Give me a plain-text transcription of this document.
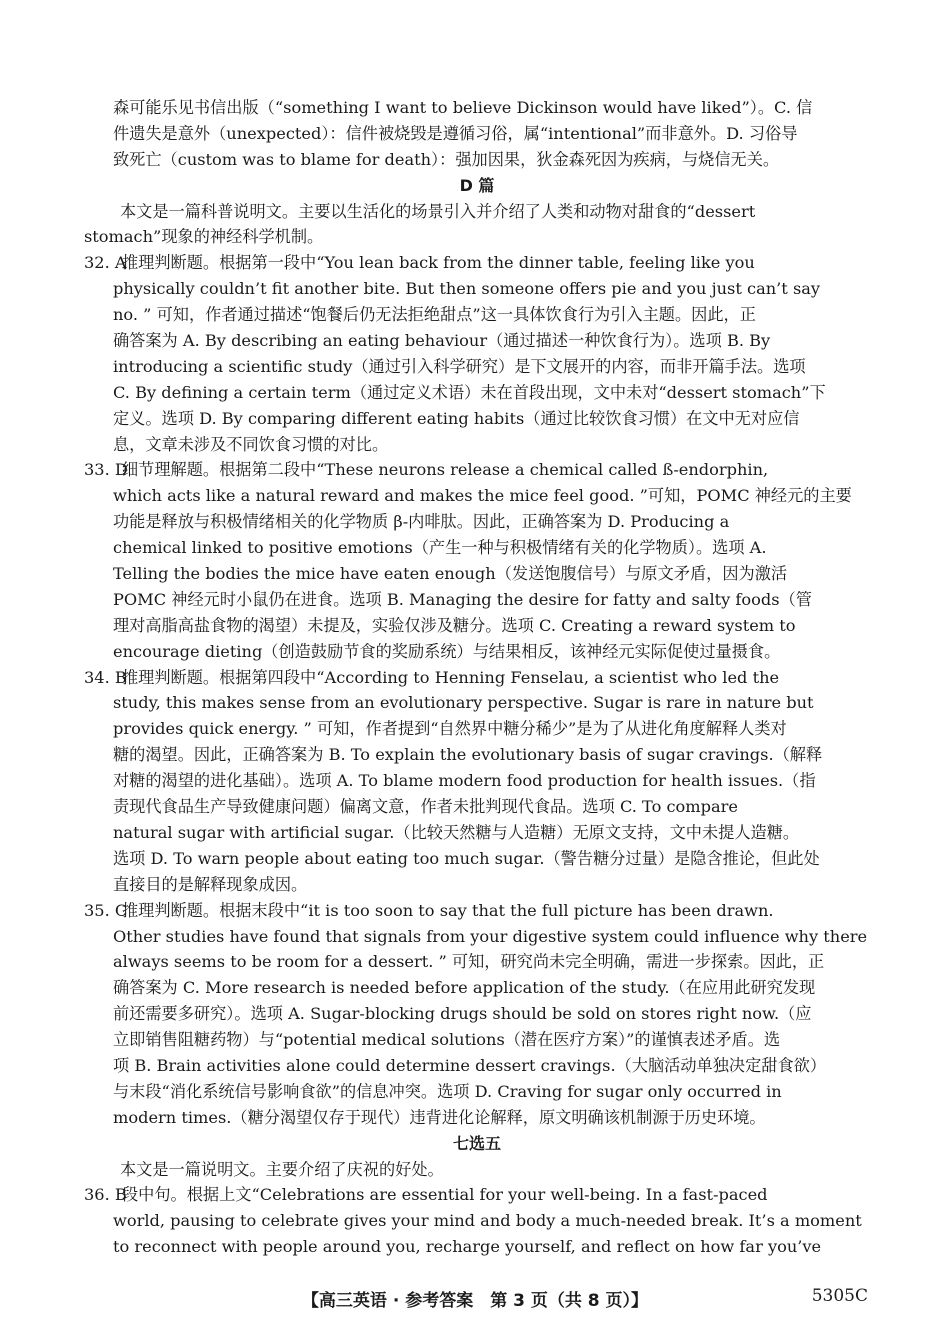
森可能乐见书信出版（“something I want to believe Dickinson would have liked”）。C. 信
件遗失是意外（unexpected）：信件被烧毁是遵循习俗，属“intentional”而非意外。D. 习俗导
致死亡（custom was to blame for death）：强加因果，狄金森死因为疾病，与烧信无关。
D 篇
本文是一篇科普说明文。主要以生活化的场景引入并介绍了人类和动物对甜食的“dessert
stomach”现象的神经科学机制。
32. A
推理判断题。根据第一段中“You lean back from the dinner table, feeling like you
physically couldn’t fit another bite. But then someone offers pie and you just can’t say
no. ” 可知，作者通过描述“饱餐后仍无法拒绝甜点”这一具体饮食行为引入主题。因此，正
确答案为 A. By describing an eating behaviour（通过描述一种饮食行为）。选项 B. By
introducing a scientific study（通过引入科学研究）是下文展开的内容，而非开篇手法。选项
C. By defining a certain term（通过定义术语）未在首段出现，文中未对“dessert stomach”下
定义。选项 D. By comparing different eating habits（通过比较饮食习惯）在文中无对应信
息，文章未涉及不同饮食习惯的对比。
33. D
细节理解题。根据第二段中“These neurons release a chemical called ß-endorphin,
which acts like a natural reward and makes the mice feel good. ”可知，POMC 神经元的主要
功能是释放与积极情绪相关的化学物质 β-内啡肽。因此，正确答案为 D. Producing a
chemical linked to positive emotions（产生一种与积极情绪有关的化学物质）。选项 A.
Telling the bodies the mice have eaten enough（发送饱腹信号）与原文矛盾，因为激活
POMC 神经元时小鼠仍在进食。选项 B. Managing the desire for fatty and salty foods（管
理对高脂高盐食物的渴望）未提及，实验仅涉及糖分。选项 C. Creating a reward system to
encourage dieting（创造鼓励节食的奖励系统）与结果相反，该神经元实际促使过量摄食。
34. B
推理判断题。根据第四段中“According to Henning Fenselau, a scientist who led the
study, this makes sense from an evolutionary perspective. Sugar is rare in nature but
provides quick energy. ” 可知，作者提到“自然界中糖分稀少”是为了从进化角度解释人类对
糖的渴望。因此，正确答案为 B. To explain the evolutionary basis of sugar cravings.（解释
对糖的渴望的进化基础）。选项 A. To blame modern food production for health issues.（指
责现代食品生产导致健康问题）偏离文意，作者未批判现代食品。选项 C. To compare
natural sugar with artificial sugar.（比较天然糖与人造糖）无原文支持，文中未提人造糖。
选项 D. To warn people about eating too much sugar.（警告糖分过量）是隐含推论，但此处
直接目的是解释现象成因。
35. C
推理判断题。根据末段中“it is too soon to say that the full picture has been drawn.
Other studies have found that signals from your digestive system could influence why there
always seems to be room for a dessert. ” 可知，研究尚未完全明确，需进一步探索。因此，正
确答案为 C. More research is needed before application of the study.（在应用此研究发现
前还需要多研究）。选项 A. Sugar-blocking drugs should be sold on stores right now.（应
立即销售阻糖药物）与“potential medical solutions（潜在医疗方案）”的谨慎表述矛盾。选
项 B. Brain activities alone could determine dessert cravings.（大脑活动单独决定甜食欲）
与末段“消化系统信号影响食欲”的信息冲突。选项 D. Craving for sugar only occurred in
modern times.（糖分渴望仅存于现代）违背进化论解释，原文明确该机制源于历史环境。
七选五
本文是一篇说明文。主要介绍了庆祝的好处。
36. B
段中句。根据上文“Celebrations are essential for your well-being. In a fast-paced
world, pausing to celebrate gives your mind and body a much-needed break. It’s a moment
to reconnect with people around you, recharge yourself, and reflect on how far you’ve
【高三英语 · 参考答案　第 3 页（共 8 页）】	5305C
